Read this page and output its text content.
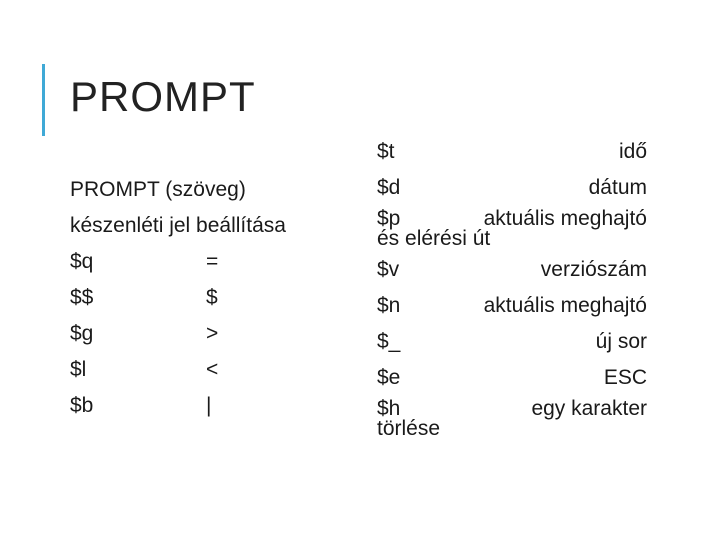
PROMPT
PROMPT (szöveg)
készenléti jel beállítása
$q	=
$$	$
$g	>
$l	<
$b	|
$t	idő
$d	dátum
$p	aktuális meghajtó
és elérési út
$v	verziószám
$n	aktuális meghajtó
$_	új sor
$e	ESC
$h	egy karakter
törlése
